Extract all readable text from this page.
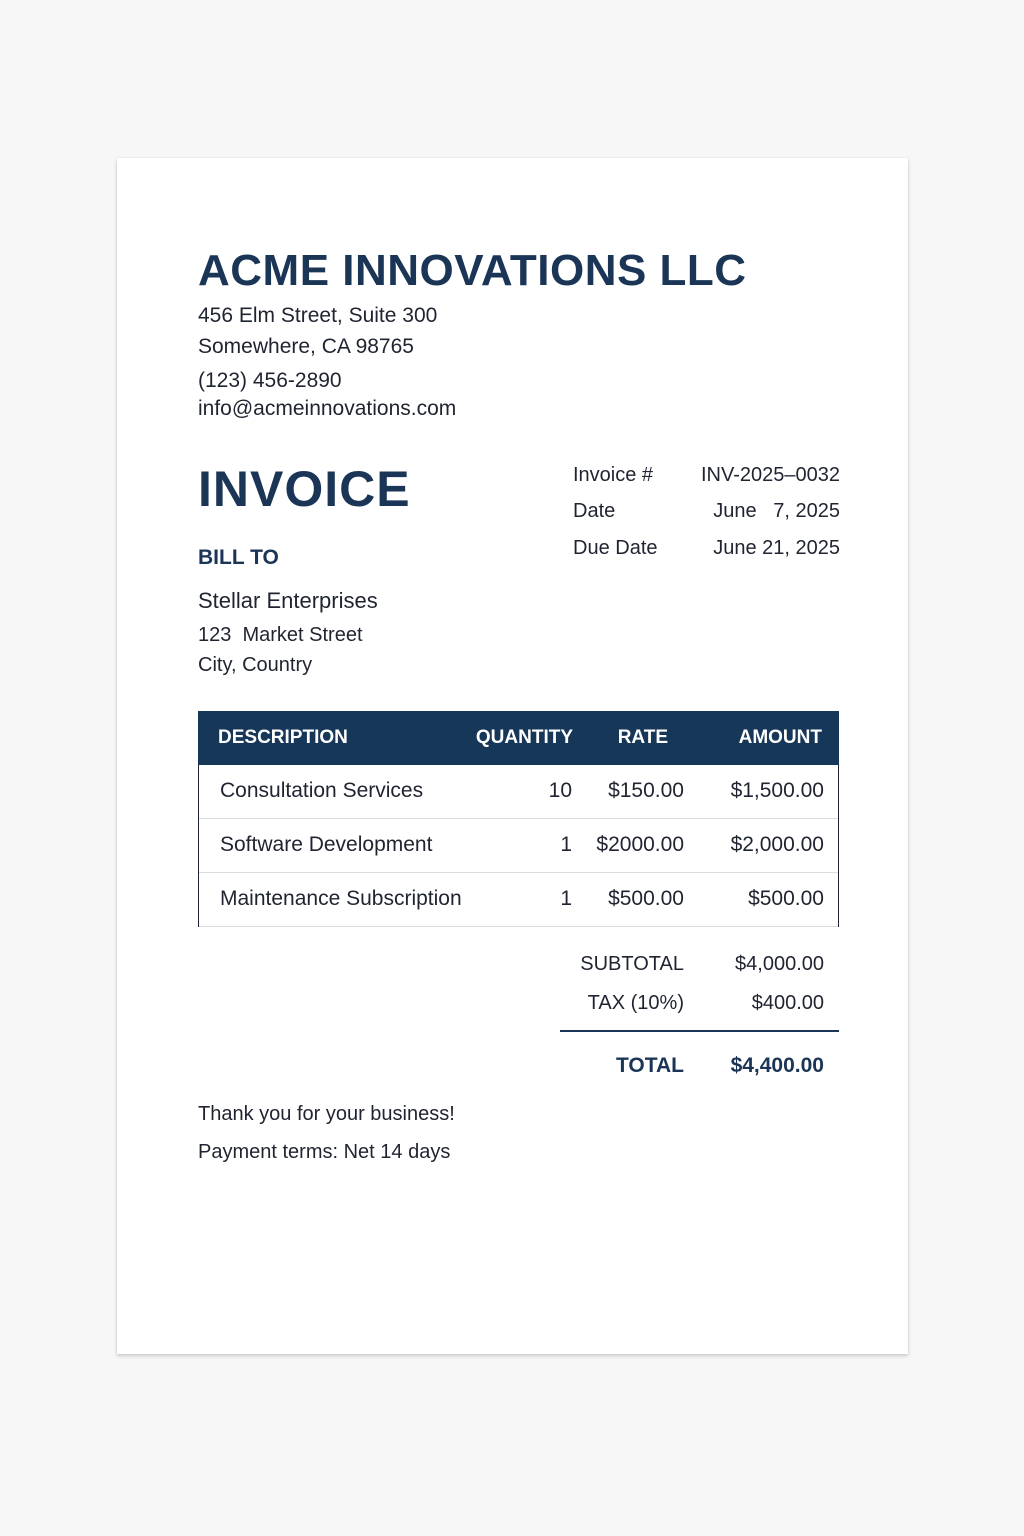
ACME INNOVATIONS LLC
456 Elm Street, Suite 300
Somewhere, CA 98765
(123) 456-2890
info@acmeinnovations.com
INVOICE	Invoice # INV-2025–0032
Date	June   7, 2025
Due Date	June 21, 2025
BILL TO
Stellar Enterprises
123  Market Street
City, Country
DESCRIPTION	QUANTITY RATE	AMOUNT
Consultation Services	10 $150.00 $1,500.00
Software Development	1 $2000.00 $2,000.00
Maintenance Subscription	1 $500.00	$500.00
SUBTOTAL	$4,000.00
TAX (10%)	$400.00
TOTAL $4,400.00
Thank you for your business!
Payment terms: Net 14 days
